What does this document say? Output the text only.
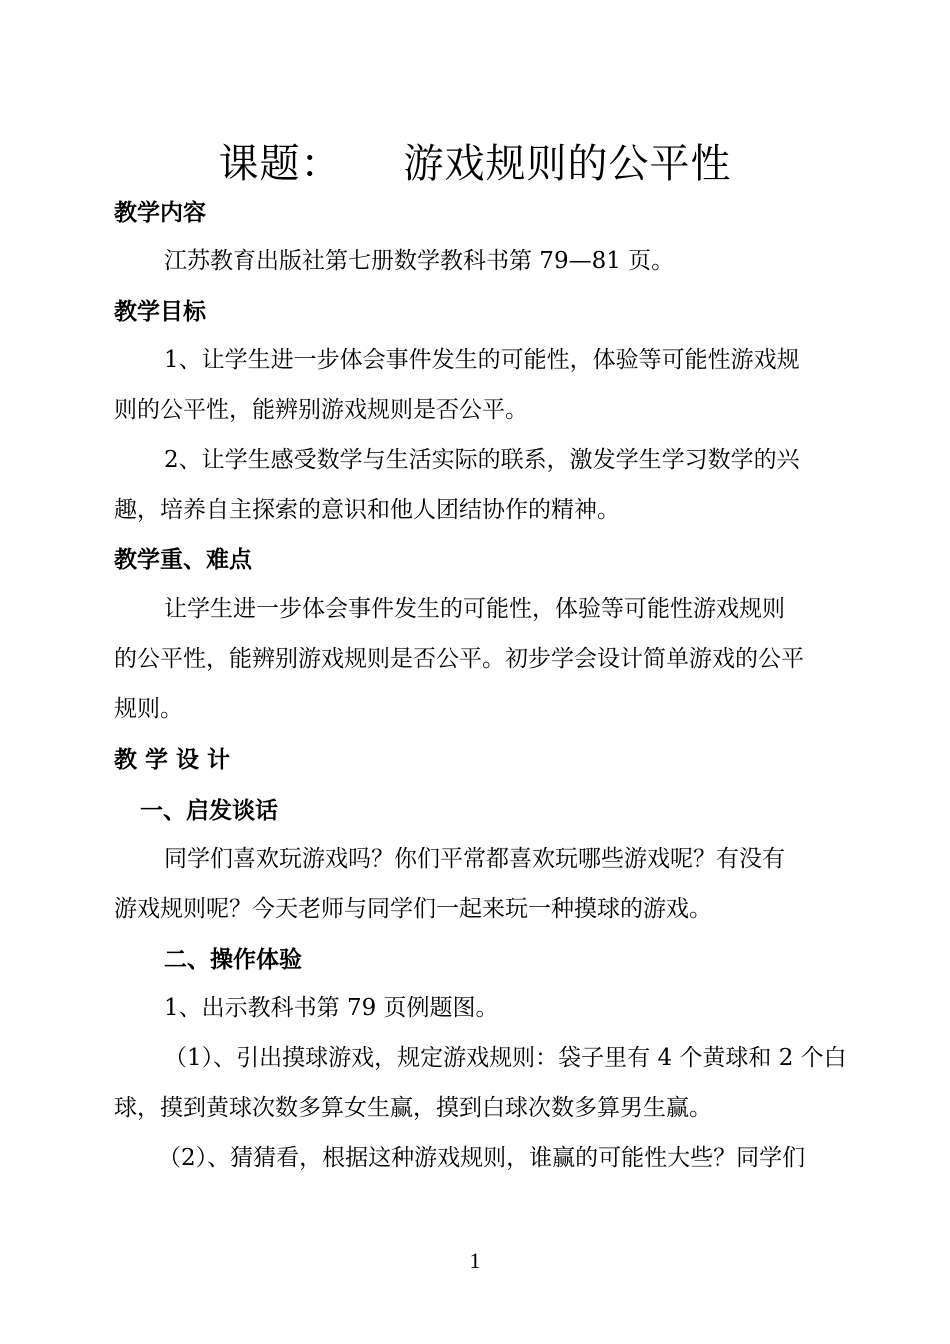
课题： 游戏规则的公平性
教学内容
江苏教育出版社第七册数学教科书第 79—81 页。
教学目标
1、让学生进一步体会事件发生的可能性，体验等可能性游戏规
则的公平性，能辨别游戏规则是否公平。
2、让学生感受数学与生活实际的联系，激发学生学习数学的兴
趣，培养自主探索的意识和他人团结协作的精神。
教学重、难点
让学生进一步体会事件发生的可能性，体验等可能性游戏规则
的公平性，能辨别游戏规则是否公平。初步学会设计简单游戏的公平
规则。
教 学 设 计
一、启发谈话
同学们喜欢玩游戏吗？你们平常都喜欢玩哪些游戏呢？有没有
游戏规则呢？今天老师与同学们一起来玩一种摸球的游戏。
二、操作体验
1、出示教科书第 79 页例题图。
（1）、引出摸球游戏，规定游戏规则：袋子里有 4 个黄球和 2 个白
球，摸到黄球次数多算女生赢，摸到白球次数多算男生赢。
（2）、猜猜看，根据这种游戏规则，谁赢的可能性大些？同学们
1
